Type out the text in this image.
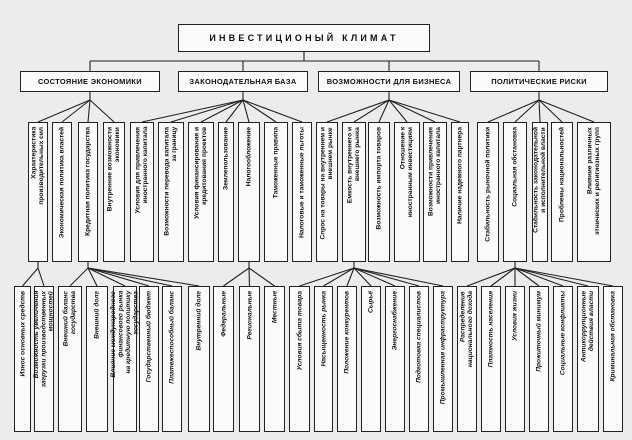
ИНВЕСТИЦИОНЫЙ КЛИМАТ
СОСТОЯНИЕ ЭКОНОМИКИ	ЗАКОНОДАТЕЛЬНАЯ БАЗА	ВОЗМОЖНОСТИ ДЛЯ БИЗНЕСА	ПОЛИТИЧЕСКИЕ РИСКИ
Характеристика
производительных сил Экономическая политика властей	Кредитная политика государства Внутренние возможности
экономики
Условия для привлечения
иностранного капитала
Возможности перевода капитала
за границу
Условия финансирования и
кредитования проектов Землепользование Налогообложение	Таможенные правила	Налоговые и таможенные льготы Спрос на товары на внутреннем и
внешнем рынке
Емкость внутреннего и
внешнего рынка Возможность импорта товаров	Отношение к
иностранным инвестициям
Возможности привлечения
иностранного капитала Наличие надежного партнера	Стабильность рыночной политики	Социальная обстановка
Стабильность законодательной
и исполнительной власти Проблемы национальностей	Влияние различных
этнических и религиозных групп
Износ основных средств Возможность увеличения
загрузки производственных
мощностей
Внешний баланс
государства Внешний долг
Влияние международного
финансового рынка
на кредитную политику
государства Государственный бюджет Платежеспособный баланс	Внутренний долг	Федеральные	Региональные	Местные	Условия сбыта товара	Насыщенность рынка	Положение конкурентов	Сырьё	Энергоснабжение	Подготовка специалистов	Промышленная инфраструктура Распределение
национального дохода Платность населения	Условия жизни	Прожиточный минимум	Социальные конфликты Антикоррупционные
действия власти Криминальная обстановка
